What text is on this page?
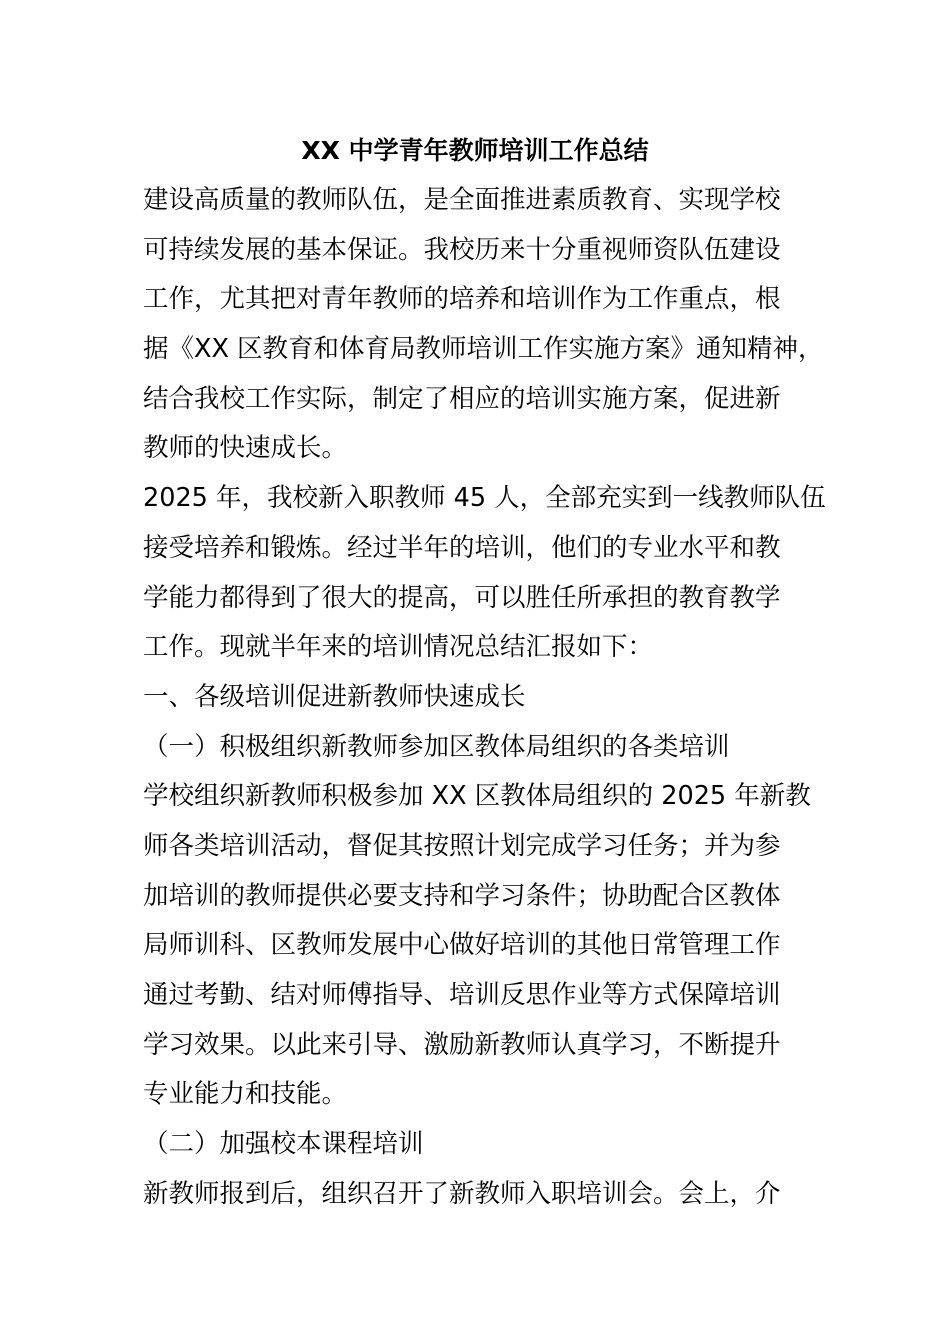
XX 中学青年教师培训工作总结
建设高质量的教师队伍，是全面推进素质教育、实现学校
可持续发展的基本保证。我校历来十分重视师资队伍建设
工作，尤其把对青年教师的培养和培训作为工作重点，根
据《XX 区教育和体育局教师培训工作实施方案》通知精神，
结合我校工作实际，制定了相应的培训实施方案，促进新
教师的快速成长。
2025 年，我校新入职教师 45 人，全部充实到一线教师队伍
接受培养和锻炼。经过半年的培训，他们的专业水平和教
学能力都得到了很大的提高，可以胜任所承担的教育教学
工作。现就半年来的培训情况总结汇报如下：
一、各级培训促进新教师快速成长
（一）积极组织新教师参加区教体局组织的各类培训
学校组织新教师积极参加 XX 区教体局组织的 2025 年新教
师各类培训活动，督促其按照计划完成学习任务；并为参
加培训的教师提供必要支持和学习条件；协助配合区教体
局师训科、区教师发展中心做好培训的其他日常管理工作
通过考勤、结对师傅指导、培训反思作业等方式保障培训
学习效果。以此来引导、激励新教师认真学习，不断提升
专业能力和技能。
（二）加强校本课程培训
新教师报到后，组织召开了新教师入职培训会。会上，介
